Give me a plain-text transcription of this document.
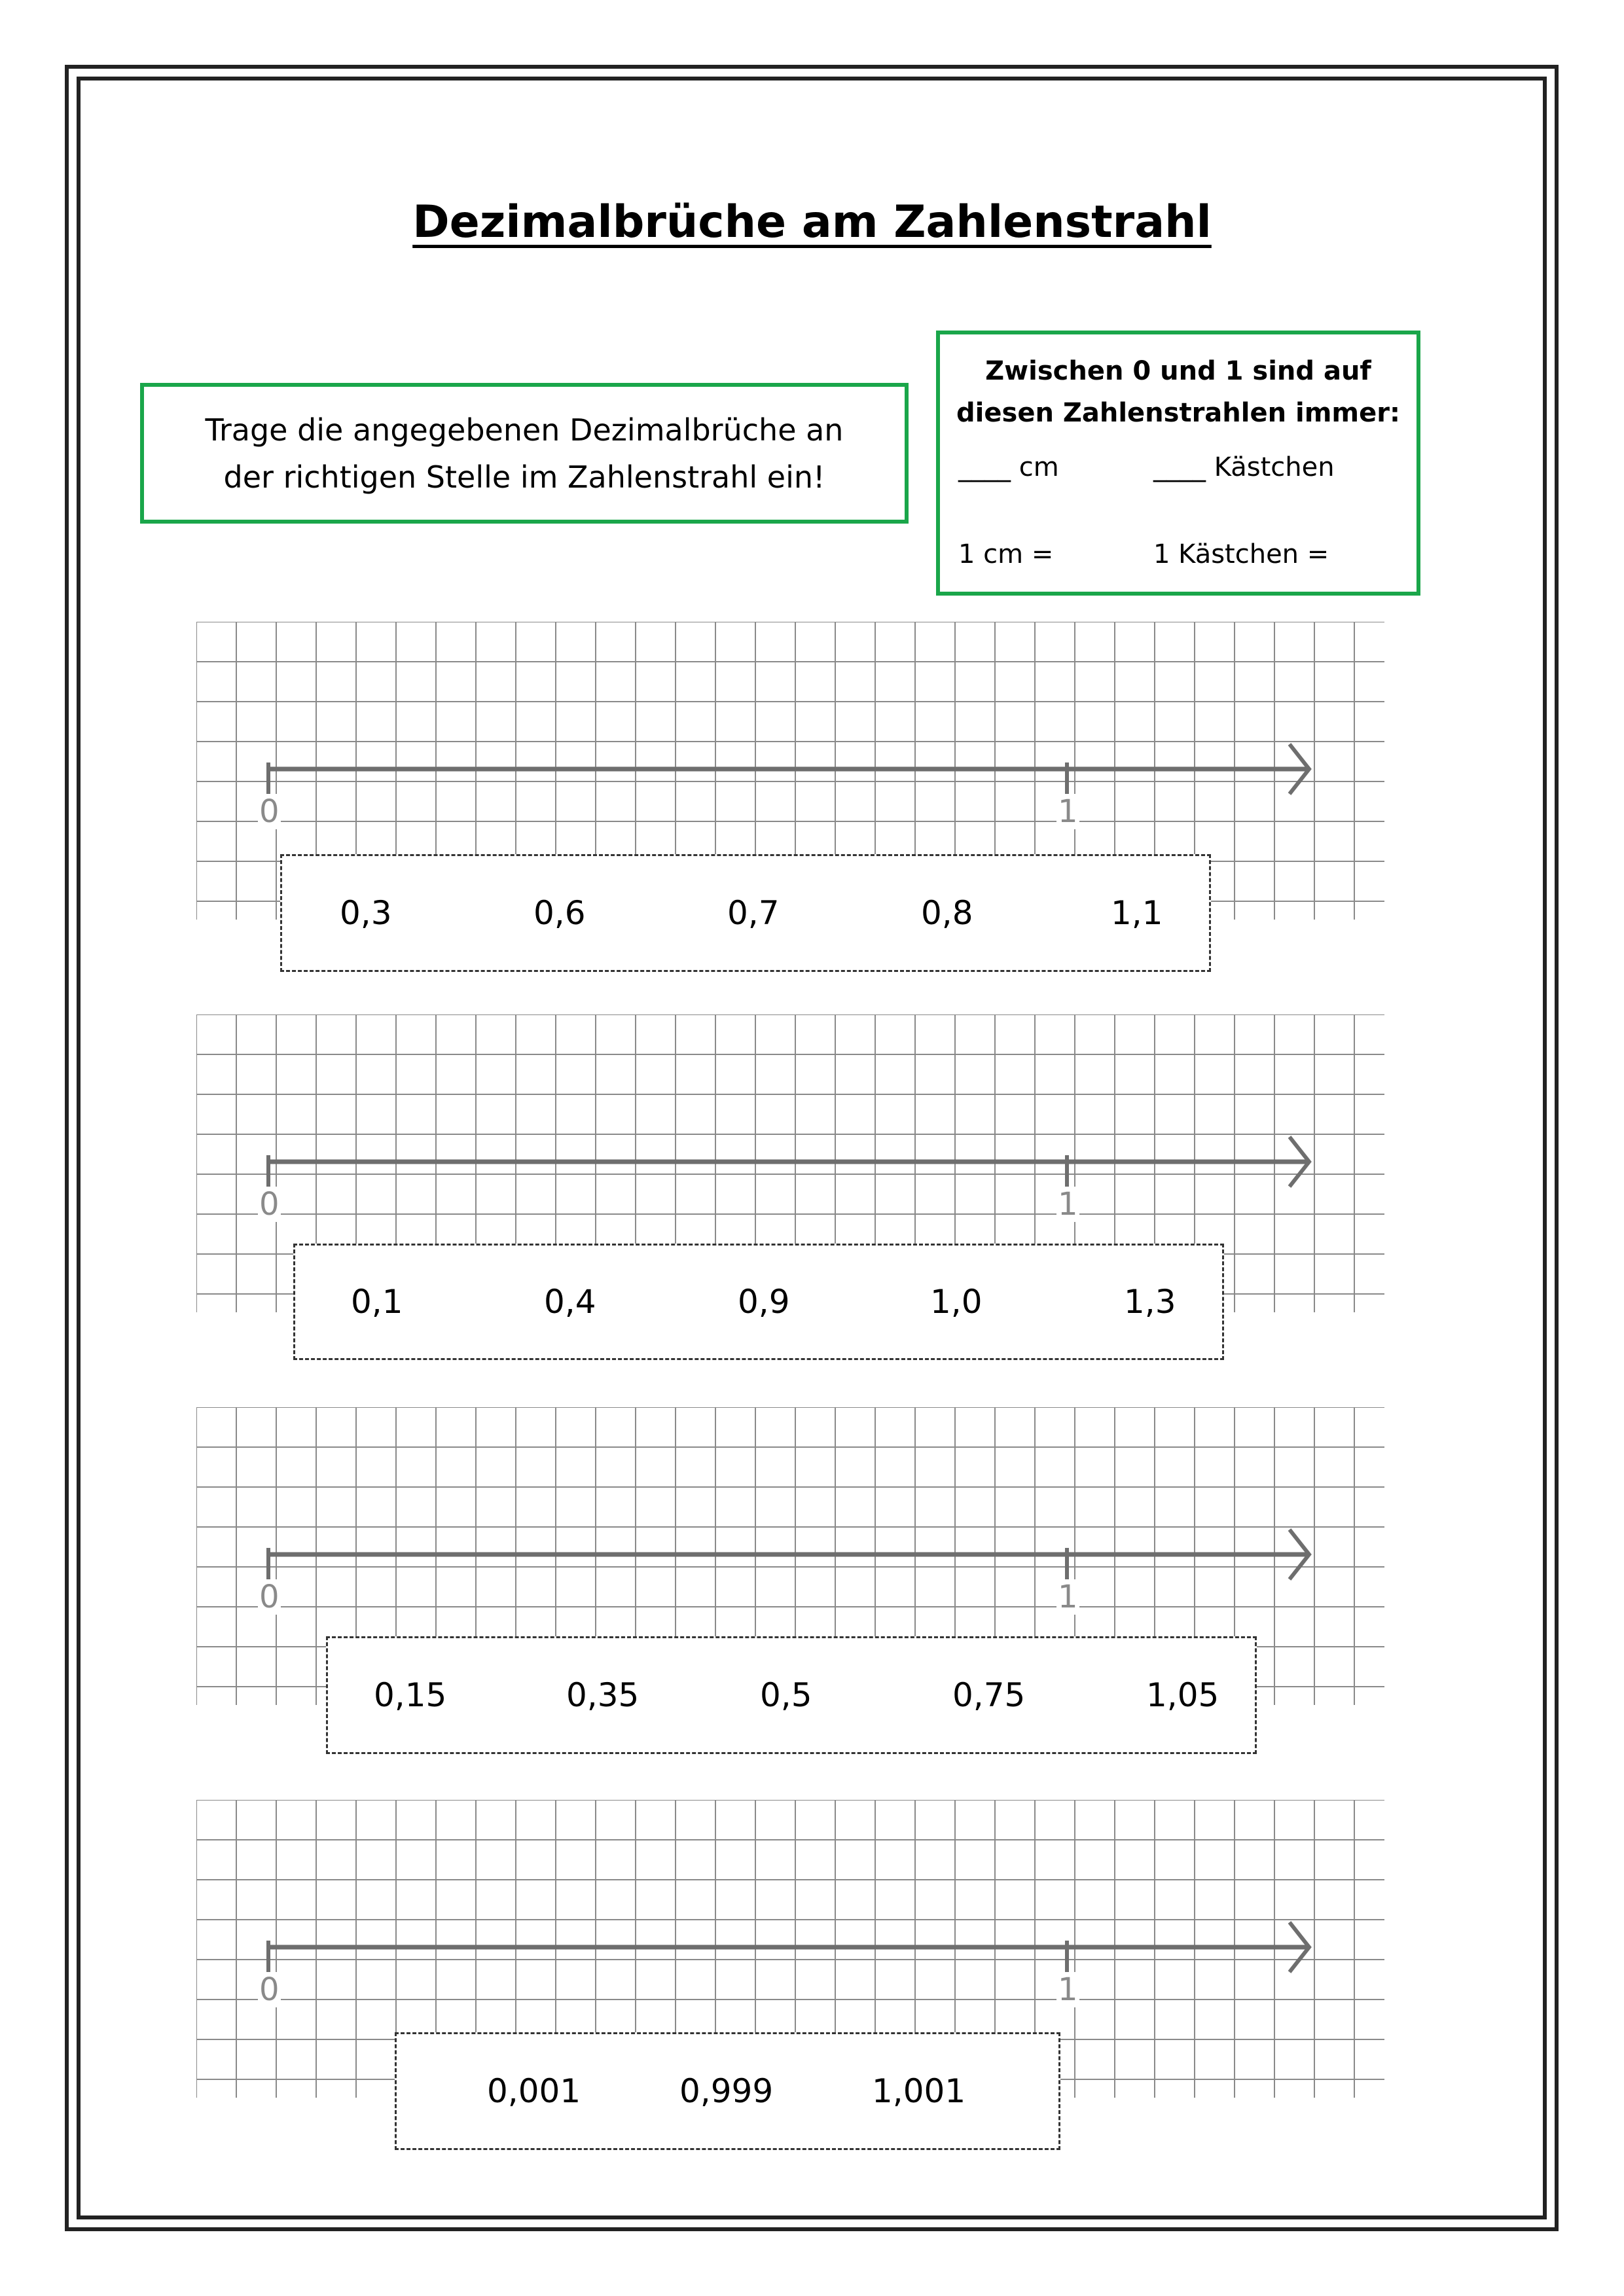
Dezimalbrüche am Zahlenstrahl
Trage die angegebenen Dezimalbrüche an der richtigen Stelle im Zahlenstrahl ein!
Zwischen 0 und 1 sind auf diesen Zahlenstrahlen immer:
____ cm	____ Kästchen
1 cm =	1 Kästchen =
0	1
0,3	0,6	0,7	0,8	1,1
0	1
0,1	0,4	0,9	1,0	1,3
0	1
0,15	0,35	0,5	0,75	1,05
0	1
0,001	0,999	1,001
